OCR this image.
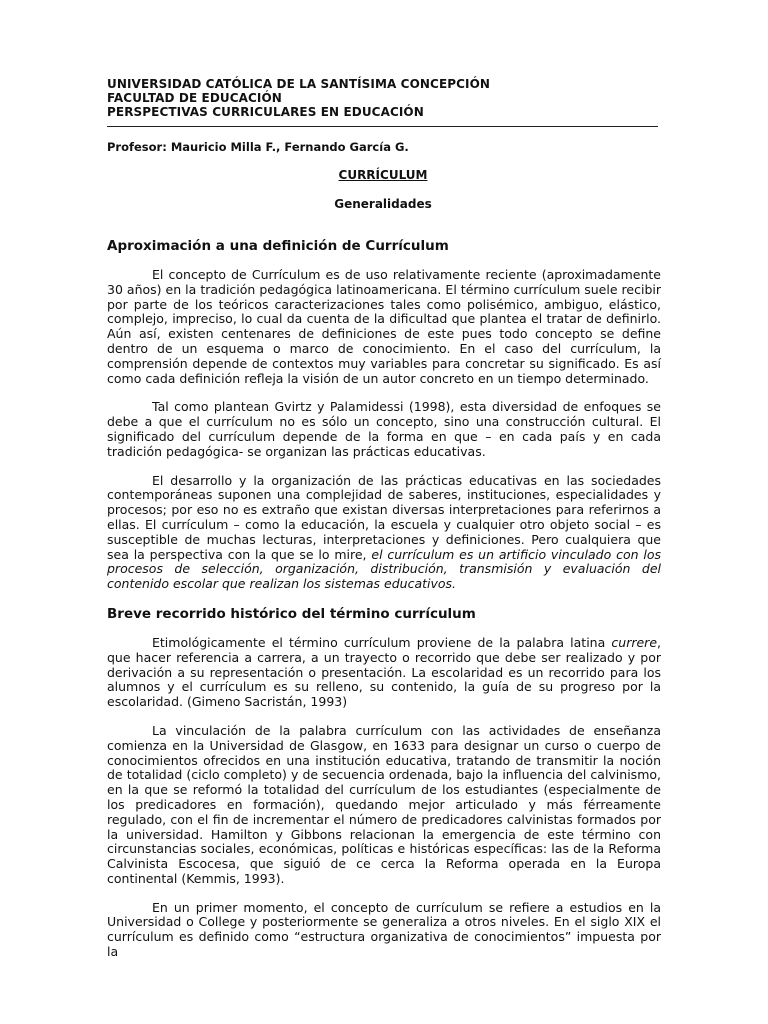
UNIVERSIDAD CATÓLICA DE LA SANTÍSIMA CONCEPCIÓN
FACULTAD DE EDUCACIÓN
PERSPECTIVAS CURRICULARES EN EDUCACIÓN
Profesor: Mauricio Milla F., Fernando García G.
CURRÍCULUM
Generalidades
Aproximación a una definición de Currículum

El concepto de Currículum es de uso relativamente reciente (aproximadamente 30 años) en la tradición pedagógica latinoamericana. El término currículum suele recibir por parte de los teóricos caracterizaciones tales como polisémico, ambiguo, elástico, complejo, impreciso, lo cual da cuenta de la dificultad que plantea el tratar de definirlo. Aún así, existen centenares de definiciones de este pues todo concepto se define dentro de un esquema o marco de conocimiento. En el caso del currículum, la comprensión depende de contextos muy variables para concretar su significado. Es así como cada definición refleja la visión de un autor concreto en un tiempo determinado.

Tal como plantean Gvirtz y Palamidessi (1998), esta diversidad de enfoques se debe a que el currículum no es sólo un concepto, sino una construcción cultural. El significado del currículum depende de la forma en que – en cada país y en cada tradición pedagógica- se organizan las prácticas educativas.

El desarrollo y la organización de las prácticas educativas en las sociedades contemporáneas suponen una complejidad de saberes, instituciones, especialidades y procesos; por eso no es extraño que existan diversas interpretaciones para referirnos a ellas. El currículum – como la educación, la escuela y cualquier otro objeto social – es susceptible de muchas lecturas, interpretaciones y definiciones. Pero cualquiera que sea la perspectiva con la que se lo mire, el currículum es un artificio vinculado con los procesos de selección, organización, distribución, transmisión y evaluación del contenido escolar que realizan los sistemas educativos.

Breve recorrido histórico del término currículum

Etimológicamente el término currículum proviene de la palabra latina currere, que hacer referencia a carrera, a un trayecto o recorrido que debe ser realizado y por derivación a su representación o presentación. La escolaridad es un recorrido para los alumnos y el currículum es su relleno, su contenido, la guía de su progreso por la escolaridad. (Gimeno Sacristán, 1993)

La vinculación de la palabra currículum con las actividades de enseñanza comienza en la Universidad de Glasgow, en 1633 para designar un curso o cuerpo de conocimientos ofrecidos en una institución educativa, tratando de transmitir la noción de totalidad (ciclo completo) y de secuencia ordenada, bajo la influencia del calvinismo, en la que se reformó la totalidad del currículum de los estudiantes (especialmente de los predicadores en formación), quedando mejor articulado y más férreamente regulado, con el fin de incrementar el número de predicadores calvinistas formados por la universidad. Hamilton y Gibbons relacionan la emergencia de este término con circunstancias sociales, económicas, políticas e históricas específicas: las de la Reforma Calvinista Escocesa, que siguió de ce cerca la Reforma operada en la Europa continental (Kemmis, 1993).

En un primer momento, el concepto de currículum se refiere a estudios en la Universidad o College y posteriormente se generaliza a otros niveles. En el siglo XIX el currículum es definido como “estructura organizativa de conocimientos” impuesta por la
